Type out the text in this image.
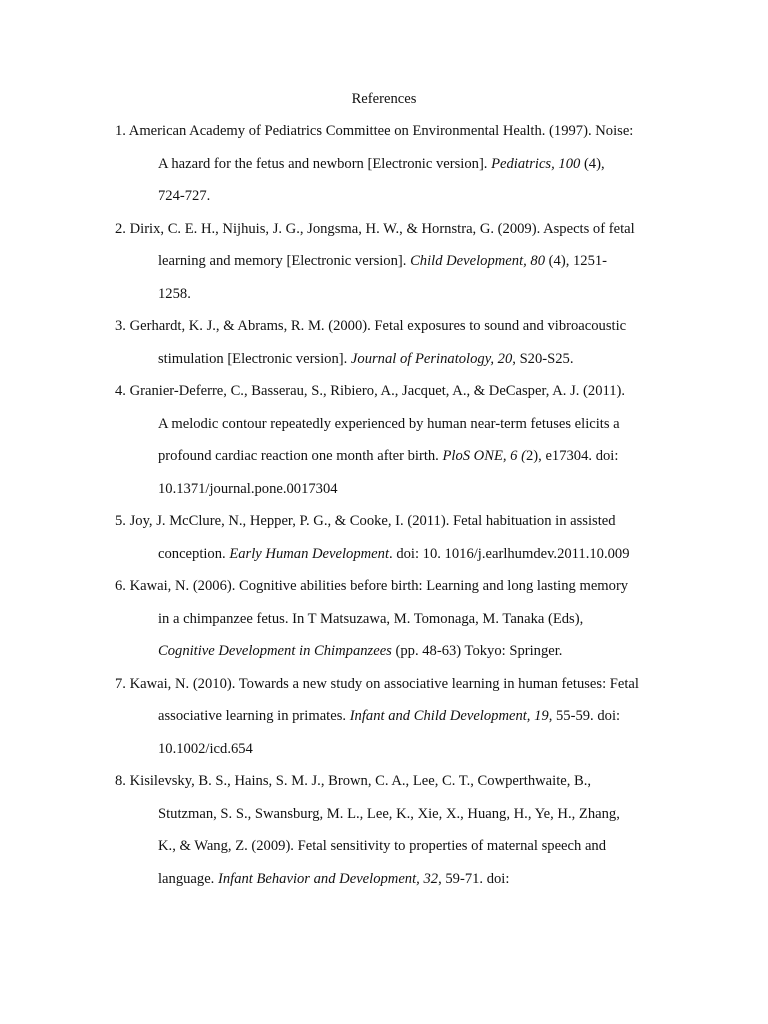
References
1. American Academy of Pediatrics Committee on Environmental Health. (1997). Noise:
A hazard for the fetus and newborn [Electronic version]. Pediatrics, 100 (4),
724-727.
2. Dirix, C. E. H., Nijhuis, J. G., Jongsma, H. W., & Hornstra, G. (2009). Aspects of fetal
learning and memory [Electronic version]. Child Development, 80 (4), 1251-
1258.
3. Gerhardt, K. J., & Abrams, R. M. (2000). Fetal exposures to sound and vibroacoustic
stimulation [Electronic version]. Journal of Perinatology, 20, S20-S25.
4. Granier-Deferre, C., Basserau, S., Ribiero, A., Jacquet, A., & DeCasper, A. J. (2011).
A melodic contour repeatedly experienced by human near-term fetuses elicits a
profound cardiac reaction one month after birth. PloS ONE, 6 (2), e17304. doi:
10.1371/journal.pone.0017304
5. Joy, J. McClure, N., Hepper, P. G., & Cooke, I. (2011). Fetal habituation in assisted
conception. Early Human Development. doi: 10. 1016/j.earlhumdev.2011.10.009
6. Kawai, N. (2006). Cognitive abilities before birth: Learning and long lasting memory
in a chimpanzee fetus. In T Matsuzawa, M. Tomonaga, M. Tanaka (Eds),
Cognitive Development in Chimpanzees (pp. 48-63) Tokyo: Springer.
7. Kawai, N. (2010). Towards a new study on associative learning in human fetuses: Fetal
associative learning in primates. Infant and Child Development, 19, 55-59. doi:
10.1002/icd.654
8. Kisilevsky, B. S., Hains, S. M. J., Brown, C. A., Lee, C. T., Cowperthwaite, B.,
Stutzman, S. S., Swansburg, M. L., Lee, K., Xie, X., Huang, H., Ye, H., Zhang,
K., & Wang, Z. (2009). Fetal sensitivity to properties of maternal speech and
language. Infant Behavior and Development, 32, 59-71. doi:
